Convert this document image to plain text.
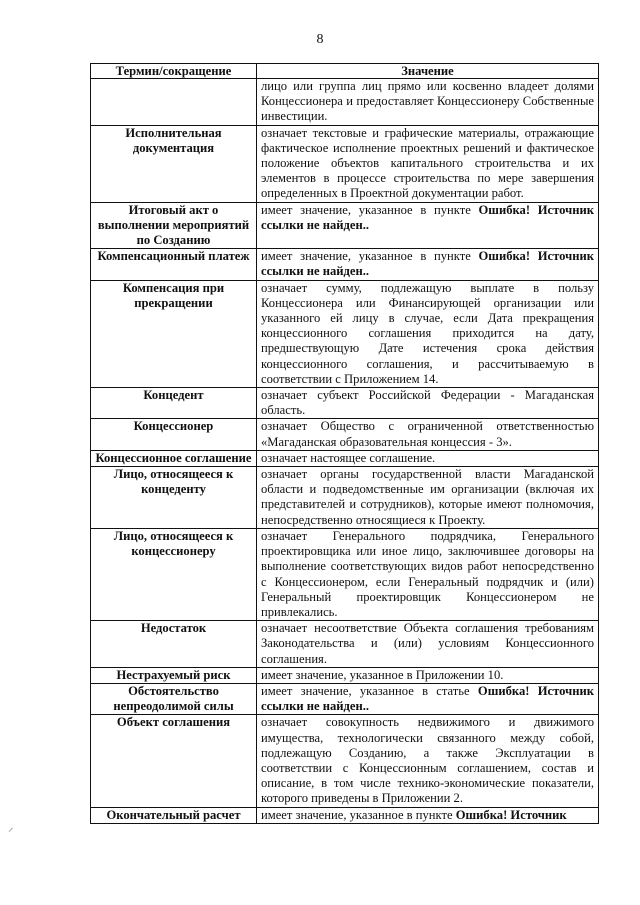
8
Термин/сокращение	Значение
	лицо или группа лиц прямо или косвенно владеет долями Концессионера и предоставляет Концессионеру Собственные инвестиции.
Исполнительная документация	означает текстовые и графические материалы, отражающие фактическое исполнение проектных решений и фактическое положение объектов капитального строительства и их элементов в процессе строительства по мере завершения определенных в Проектной документации работ.
Итоговый акт о выполнении мероприятий по Созданию	имеет значение, указанное в пункте Ошибка! Источник ссылки не найден..
Компенсационный платеж	имеет значение, указанное в пункте Ошибка! Источник ссылки не найден..
Компенсация при прекращении	означает сумму, подлежащую выплате в пользу Концессионера или Финансирующей организации или указанного ей лицу в случае, если Дата прекращения концессионного соглашения приходится на дату, предшествующую Дате истечения срока действия концессионного соглашения, и рассчитываемую в соответствии с Приложением 14.
Концедент	означает субъект Российской Федерации - Магаданская область.
Концессионер	означает Общество с ограниченной ответственностью «Магаданская образовательная концессия - 3».
Концессионное соглашение	означает настоящее соглашение.
Лицо, относящееся к концеденту	означает органы государственной власти Магаданской области и подведомственные им организации (включая их представителей и сотрудников), которые имеют полномочия, непосредственно относящиеся к Проекту.
Лицо, относящееся к концессионеру	означает Генерального подрядчика, Генерального проектировщика или иное лицо, заключившее договоры на выполнение соответствующих видов работ непосредственно с Концессионером, если Генеральный подрядчик и (или) Генеральный проектировщик Концессионером не привлекались.
Недостаток	означает несоответствие Объекта соглашения требованиям Законодательства и (или) условиям Концессионного соглашения.
Нестрахуемый риск	имеет значение, указанное в Приложении 10.
Обстоятельство непреодолимой силы	имеет значение, указанное в статье Ошибка! Источник ссылки не найден..
Объект соглашения	означает совокупность недвижимого и движимого имущества, технологически связанного между собой, подлежащую Созданию, а также Эксплуатации в соответствии с Концессионным соглашением, состав и описание, в том числе технико-экономические показатели, которого приведены в Приложении 2.
Окончательный расчет	имеет значение, указанное в пункте Ошибка! Источник
⸝
